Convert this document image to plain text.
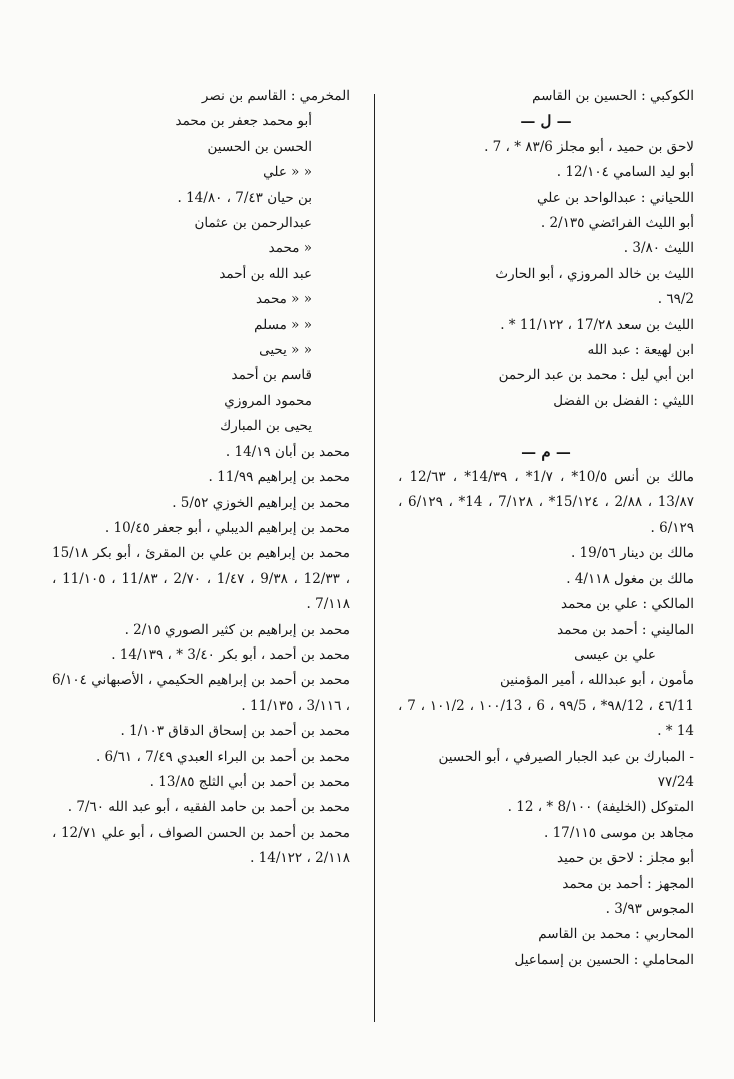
الكوكبي : الحسين بن القاسم
— ل —
لاحق بن حميد ، أبو مجلز ٨٣/6 * ، 7 .
أبو ليد السامي 12/١٠٤ .
اللحياني : عبدالواحد بن علي
أبو الليث الفرائضي 2/١٣٥ .
الليث 3/٨٠ .
الليث بن خالد المروزي ، أبو الحارث
2/٦٩ .
الليث بن سعد 17/٢٨ ، 11/١٢٢ * .
ابن لهيعة : عبد الله
ابن أبي ليل : محمد بن عبد الرحمن
الليثي : الفضل بن الفضل
— م —
مالك بن أنس 10/٥* ، 1/٧* ، 14/٣٩* ، 12/٦٣ ، 13/٨٧ ، 2/٨٨ ، 15/١٢٤* ، 7/١٢٨ ، 14* ، 6/١٢٩ ، 6/١٢٩ .
مالك بن دينار 19/٥٦ .
مالك بن مغول 4/١١٨ .
المالكي : علي بن محمد
الماليني : أحمد بن محمد
علي بن عيسى
مأمون ، أبو عبدالله ، أمير المؤمنين
11/٤٦ ، 12/٩٨* ، 5/٩٩ ، 6 ، 13/١٠٠ ، 2/١٠١ ، 7 ، 14 * .
- المبارك بن عبد الجبار الصيرفي ، أبو الحسين
24/٧٧
المتوكل (الخليفة) 8/١٠٠ * ، 12 .
مجاهد بن موسى 17/١١٥ .
أبو مجلز : لاحق بن حميد
المجهز : أحمد بن محمد
المجوس 3/٩٣ .
المحاربي : محمد بن القاسم
المحاملي : الحسين بن إسماعيل
المخرمي : القاسم بن نصر
أبو محمد جعفر بن محمد
الحسن بن الحسين
« « علي
بن حيان 7/٤٣ ، 14/٨٠ .
عبدالرحمن بن عثمان
« محمد
عبد الله بن أحمد
« « محمد
« « مسلم
« « يحيى
قاسم بن أحمد
محمود المروزي
يحيى بن المبارك
محمد بن أبان 14/١٩ .
محمد بن إبراهيم 11/٩٩ .
محمد بن إبراهيم الخوزي 5/٥٢ .
محمد بن إبراهيم الديبلي ، أبو جعفر 10/٤٥ .
محمد بن إبراهيم بن علي بن المقرئ ، أبو بكر 15/١٨ ، 12/٣٣ ، 9/٣٨ ، 1/٤٧ ، 2/٧٠ ، 11/٨٣ ، 11/١٠٥ ، 7/١١٨ .
محمد بن إبراهيم بن كثير الصوري 2/١٥ .
محمد بن أحمد ، أبو بكر 3/٤٠ * ، 14/١٣٩ .
محمد بن أحمد بن إبراهيم الحكيمي ، الأصبهاني 6/١٠٤ ، 3/١١٦ ، 11/١٣٥ .
محمد بن أحمد بن إسحاق الدقاق 1/١٠٣ .
محمد بن أحمد بن البراء العبدي 7/٤٩ ، 6/٦١ .
محمد بن أحمد بن أبي الثلج 13/٨٥ .
محمد بن أحمد بن حامد الفقيه ، أبو عبد الله 7/٦٠ .
محمد بن أحمد بن الحسن الصواف ، أبو علي 12/٧١ ، 2/١١٨ ، 14/١٢٢ .
